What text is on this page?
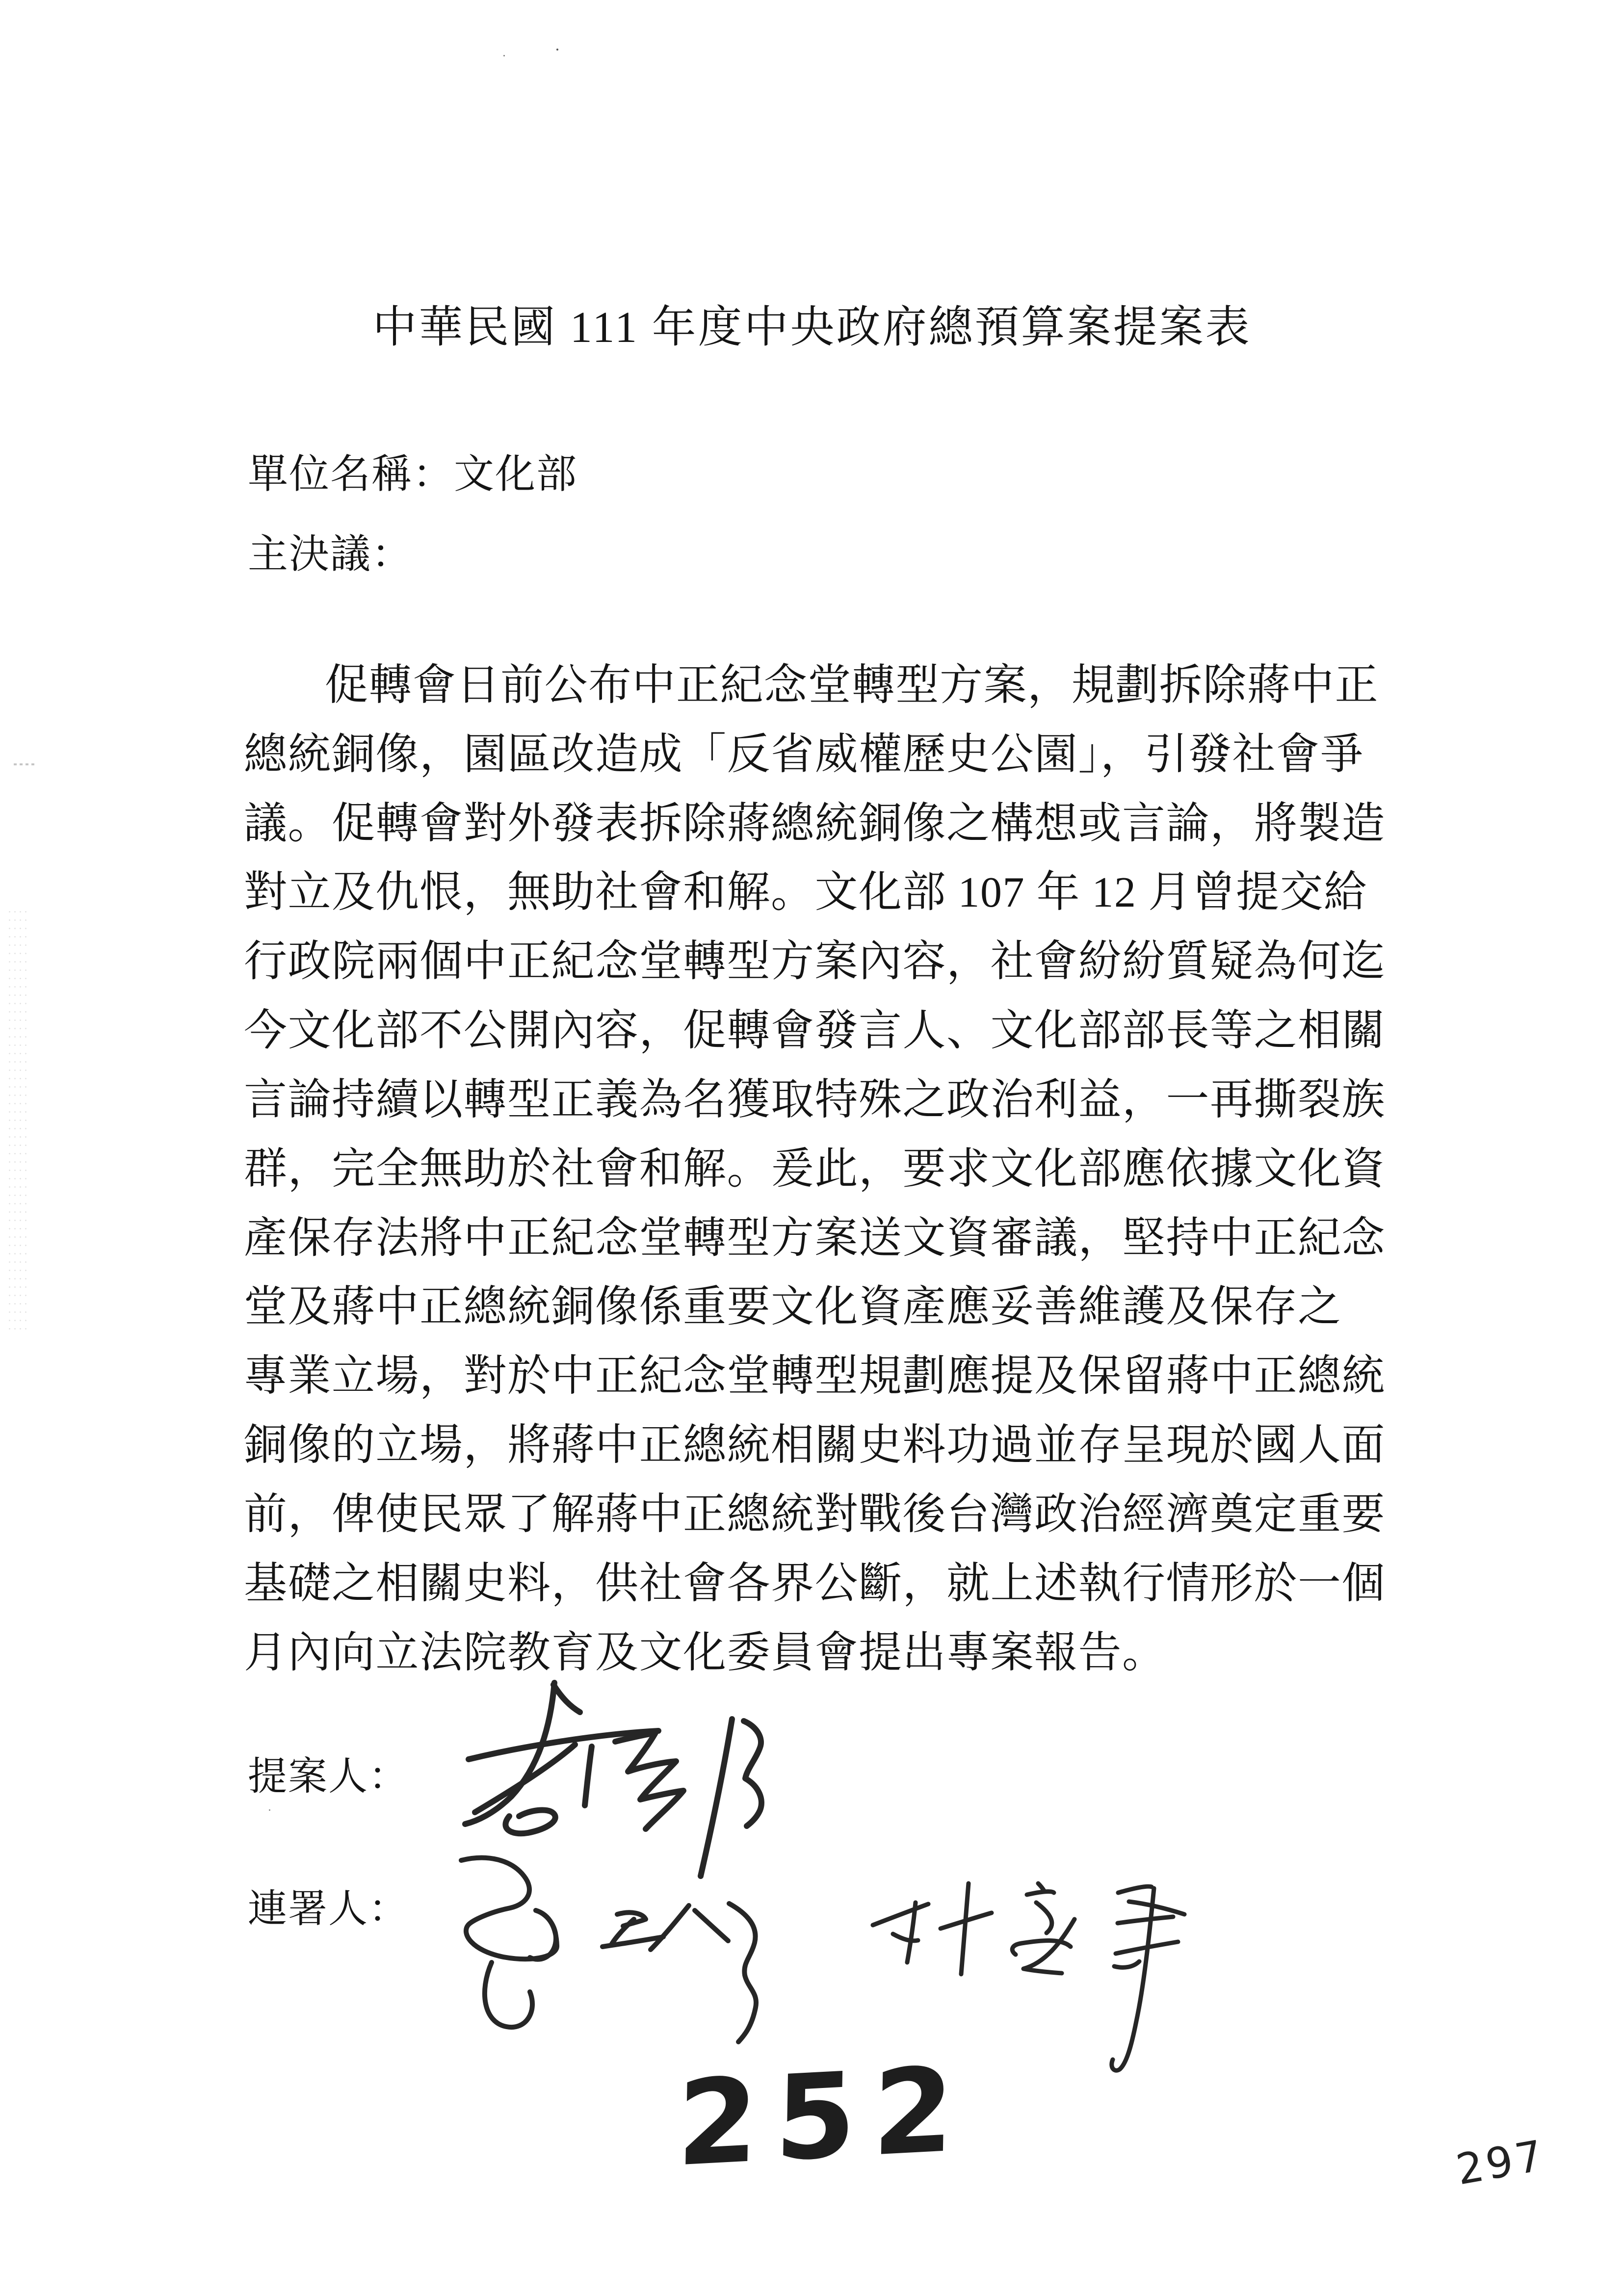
中華民國 111 年度中央政府總預算案提案表
單位名稱：文化部
主決議：
促轉會日前公布中正紀念堂轉型方案，規劃拆除蔣中正
總統銅像，園區改造成「反省威權歷史公園」，引發社會爭
議。促轉會對外發表拆除蔣總統銅像之構想或言論，將製造
對立及仇恨，無助社會和解。文化部 107 年 12 月曾提交給
行政院兩個中正紀念堂轉型方案內容，社會紛紛質疑為何迄
今文化部不公開內容，促轉會發言人、文化部部長等之相關
言論持續以轉型正義為名獲取特殊之政治利益，一再撕裂族
群，完全無助於社會和解。爰此，要求文化部應依據文化資
產保存法將中正紀念堂轉型方案送文資審議，堅持中正紀念
堂及蔣中正總統銅像係重要文化資產應妥善維護及保存之
專業立場，對於中正紀念堂轉型規劃應提及保留蔣中正總統
銅像的立場，將蔣中正總統相關史料功過並存呈現於國人面
前，俾使民眾了解蔣中正總統對戰後台灣政治經濟奠定重要
基礎之相關史料，供社會各界公斷，就上述執行情形於一個
月內向立法院教育及文化委員會提出專案報告。
提案人：
連署人：
252	297
